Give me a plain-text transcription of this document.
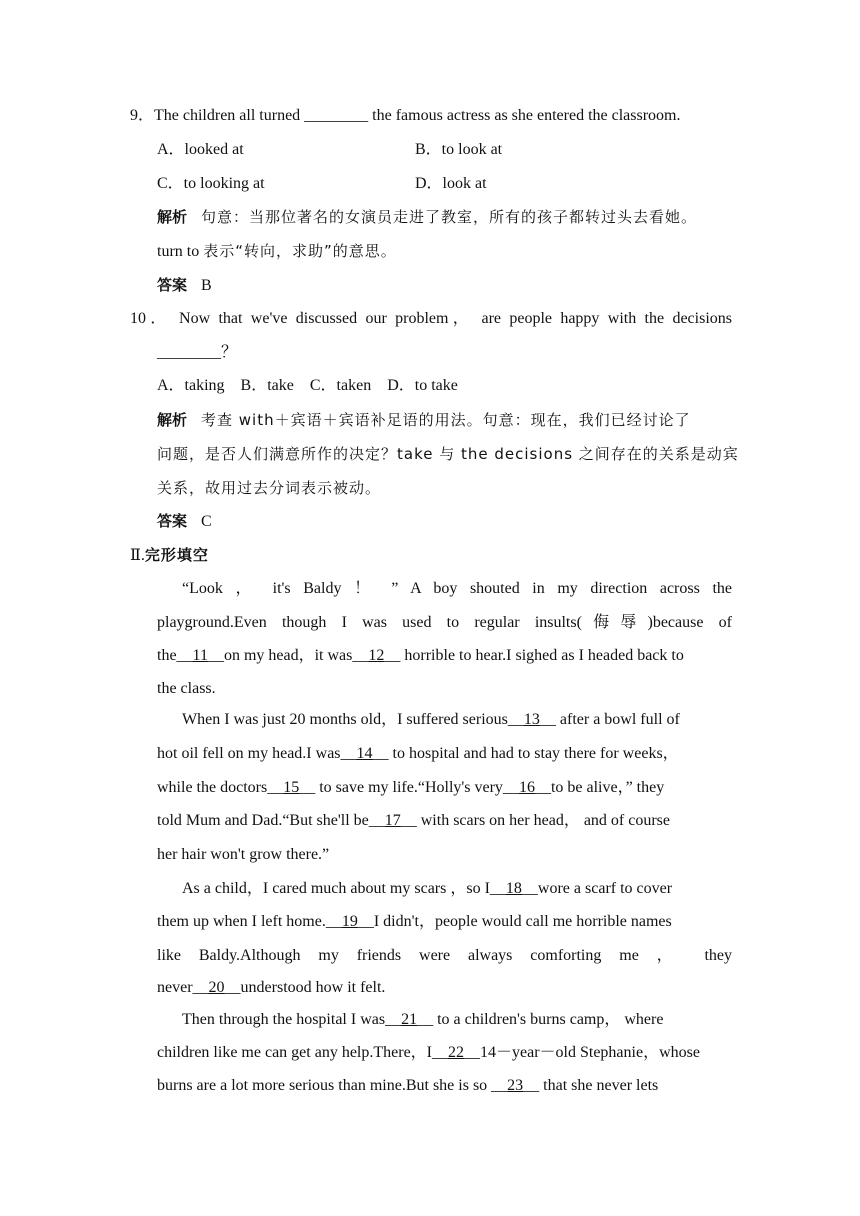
9．The children all turned ________ the famous actress as she entered the classroom.
A．looked at	B．to look at
C．to looking at	D．look at
解析 句意：当那位著名的女演员走进了教室，所有的孩子都转过头去看她。
turn to 表示“转向，求助”的意思。
答案 B
10． Now that we've discussed our problem， are people happy with the decisions
________？
A．taking　B．take　C．taken　D．to take
解析 考查 with＋宾语＋宾语补足语的用法。句意：现在，我们已经讨论了
问题，是否人们满意所作的决定？take 与 the decisions 之间存在的关系是动宾
关系，故用过去分词表示被动。
答案 C
Ⅱ.完形填空
“Look ， it's Baldy ！ ” A boy shouted in my direction across the
playground.Even though I was used to regular insults(侮辱)because of
the__11__on my head，it was__12__ horrible to hear.I sighed as I headed back to
the class.
When I was just 20 months old，I suffered serious__13__ after a bowl full of
hot oil fell on my head.I was__14__ to hospital and had to stay there for weeks，
while the doctors__15__ to save my life.“Holly's very__16__to be alive，” they
told Mum and Dad.“But she'll be__17__ with scars on her head， and of course
her hair won't grow there.”
As a child，I cared much about my scars ，so I__18__wore a scarf to cover
them up when I left home.__19__I didn't，people would call me horrible names
like Baldy.Although my friends were always comforting me ， they
never__20__understood how it felt.
Then through the hospital I was__21__ to a children's burns camp， where
children like me can get any help.There，I__22__14－year－old Stephanie，whose
burns are a lot more serious than mine.But she is so __23__ that she never lets
